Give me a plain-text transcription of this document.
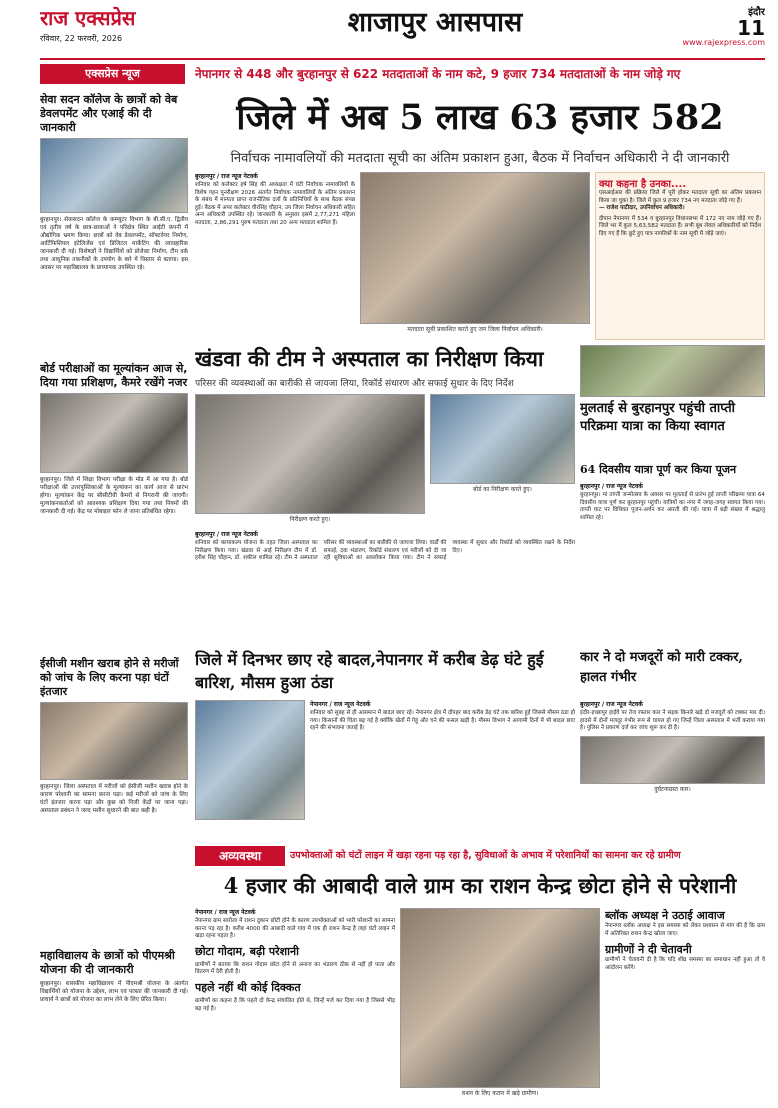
राज एक्सप्रेस
रविवार, 22 फरवरी, 2026
शाजापुर आसपास	इंदौर
11
www.rajexpress.com
एक्सप्रेस न्यूज	नेपानगर से 448 और बुरहानपुर से 622 मतदाताओं के नाम कटे, 9 हजार 734 मतदाताओं के नाम जोड़े गए
सेवा सदन कॉलेज के छात्रों को वेब डेवलपमेंट और एआई की दी जानकारी

बुरहानपुर। सेवासदन कॉलेज के कम्प्यूटर विभाग के बी.सी.ए. द्वितीय एवं तृतीय वर्ष के छात्र-छात्राओं ने परिक्षेत्र स्थित आईटी कंपनी में औद्योगिक भ्रमण किया। छात्रों को वेब डेवलपमेंट, सॉफ्टवेयर निर्माण, आर्टिफिशियल इंटेलिजेंस एवं डिजिटल मार्केटिंग की व्यावहारिक जानकारी दी गई। विशेषज्ञों ने विद्यार्थियों को प्रोजेक्ट निर्माण, टीम वर्क तथा आधुनिक तकनीकों के उपयोग के बारे में विस्तार से बताया। इस अवसर पर महाविद्यालय के प्राध्यापक उपस्थित रहे।

बोर्ड परीक्षाओं का मूल्यांकन आज से, दिया गया प्रशिक्षण, कैमरे रखेंगे नजर

बुरहानपुर। जिले में शिक्षा विभाग परीक्षा के मोड में आ गया है। बोर्ड परीक्षाओं की उत्तरपुस्तिकाओं के मूल्यांकन का कार्य आज से प्रारंभ होगा। मूल्यांकन केंद्र पर सीसीटीवी कैमरों से निगरानी की जाएगी। मूल्यांकनकर्ताओं को आवश्यक प्रशिक्षण दिया गया तथा नियमों की जानकारी दी गई। केंद्र पर मोबाइल फोन ले जाना प्रतिबंधित रहेगा।

ईसीजी मशीन खराब होने से मरीजों को जांच के लिए करना पड़ा घंटों इंतजार

बुरहानपुर। जिला अस्पताल में मरीजों को ईसीजी मशीन खराब होने के कारण परेशानी का सामना करना पड़ा। कई मरीजों को जांच के लिए घंटों इंतजार करना पड़ा और कुछ को निजी केंद्रों पर जाना पड़ा। अस्पताल प्रबंधन ने जल्द मशीन सुधारने की बात कही है।

महाविद्यालय के छात्रों को पीएमश्री योजना की दी जानकारी

बुरहानपुर। शासकीय महाविद्यालय में पीएमश्री योजना के अंतर्गत विद्यार्थियों को योजना के उद्देश्य, लाभ एवं पात्रता की जानकारी दी गई। प्राचार्य ने छात्रों को योजना का लाभ लेने के लिए प्रेरित किया।

जिले में अब 5 लाख 63 हजार 582
निर्वाचक नामावलियों की मतदाता सूची का अंतिम प्रकाशन हुआ, बैठक में निर्वाचन अधिकारी ने दी जानकारी
बुरहानपुर / राज न्यूज नेटवर्क
शनिवार को कलेक्टर हर्ष सिंह की अध्यक्षता में घंटी निर्वाचक नामावलियों के विशेष गहन पुनरीक्षण 2026 अंतर्गत निर्वाचक नामावलियों के अंतिम प्रकाशन के संबंध में मान्यता प्राप्त राजनीतिक दलों के प्रतिनिधियों के साथ बैठक संपन्न हुई। बैठक में अपर कलेक्टर वीरसिंह चौहान, उप जिला निर्वाचन अधिकारी सहित अन्य अधिकारी उपस्थित रहे। जानकारी के अनुसार इसमें 2,77,271 महिला मतदाता, 2,86,291 पुरुष मतदाता तथा 20 अन्य मतदाता शामिल हैं।
मतदाता सूची प्रकाशित करते हुए जन जिला निर्वाचन अधिकारी।
क्या कहना है उनका....
एसआईआर की प्रक्रिया जिले में पूरी होकर मतदाता सूची का अंतिम प्रकाशन किया जा चुका है। जिले में कुल 9 हजार 734 नए मतदाता जोड़े गए हैं।
— राजेश पाटीदार, उपनिर्वाचन अधिकारी।
दीपान नेपानगर में 534 व बुरहानपुर विधानसभा में 172 नए नाम जोड़े गए हैं। जिले भर में कुल 5,63,582 मतदाता हैं। सभी बूथ लेवल अधिकारियों को निर्देश दिए गए हैं कि छूटे हुए पात्र नागरिकों के नाम सूची में जोड़े जाएं।
खंडवा की टीम ने अस्पताल का निरीक्षण किया
परिसर की व्यवस्थाओं का बारीकी से जायजा लिया, रिकॉर्ड संधारण और सफाई सुधार के दिए निर्देश
निरीक्षण करते हुए।
बोर्ड का निरीक्षण करते हुए।
बुरहानपुर / राज न्यूज नेटवर्क
शनिवार को कायाकल्प योजना के तहत जिला अस्पताल का निरीक्षण किया गया। खंडवा से आई निरीक्षण टीम में डॉ. हरीश सिंह चौहान, डॉ. शकील शामिल रहे। टीम ने अस्पताल परिसर की व्यवस्थाओं का बारीकी से जायजा लिया। वार्डों की सफाई, दवा भंडारण, रिकॉर्ड संधारण एवं मरीजों को दी जा रही सुविधाओं का अवलोकन किया गया। टीम ने सफाई व्यवस्था में सुधार और रिकॉर्ड को व्यवस्थित रखने के निर्देश दिए।
मुलताई से बुरहानपुर पहुंची ताप्ती परिक्रमा यात्रा का किया स्वागत
64 दिवसीय यात्रा पूर्ण कर किया पूजन
बुरहानपुर / राज न्यूज नेटवर्क
बुरहानपुर। मां ताप्ती जन्मोत्सव के अवसर पर मुलताई से प्रारंभ हुई ताप्ती परिक्रमा यात्रा 64 दिवसीय यात्रा पूर्ण कर बुरहानपुर पहुंची। यात्रियों का नगर में जगह-जगह स्वागत किया गया। ताप्ती घाट पर विधिवत पूजन-अर्चन कर आरती की गई। यात्रा में बड़ी संख्या में श्रद्धालु शामिल रहे।
जिले में दिनभर छाए रहे बादल,नेपानगर में करीब डेढ़ घंटे हुई बारिश, मौसम हुआ ठंडा
नेपानगर / राज न्यूज नेटवर्क
शनिवार को सुबह से ही आसमान में बादल छाए रहे। नेपानगर क्षेत्र में दोपहर बाद करीब डेढ़ घंटे तक बारिश हुई जिससे मौसम ठंडा हो गया। किसानों की चिंता बढ़ गई है क्योंकि खेतों में गेहूं और चने की फसल खड़ी है। मौसम विभाग ने आगामी दिनों में भी बादल छाए रहने की संभावना जताई है।
कार ने दो मजदूरों को मारी टक्कर, हालत गंभीर
बुरहानपुर / राज न्यूज नेटवर्क
इंदौर-इच्छापुर हाईवे पर तेज रफ्तार कार ने सड़क किनारे खड़े दो मजदूरों को टक्कर मार दी। हादसे में दोनों मजदूर गंभीर रूप से घायल हो गए जिन्हें जिला अस्पताल में भर्ती कराया गया है। पुलिस ने प्रकरण दर्ज कर जांच शुरू कर दी है।
दुर्घटनाग्रस्त कार।
अव्यवस्था	उपभोक्ताओं को घंटों लाइन में खड़ा रहना पड़ रहा है, सुविधाओं के अभाव में परेशानियों का सामना कर रहे ग्रामीण
4 हजार की आबादी वाले ग्राम का राशन केन्द्र छोटा होने से परेशानी
नेपानगर / राज न्यूज नेटवर्क
नेपानगर ग्राम सारोला में राशन दुकान छोटी होने के कारण उपभोक्ताओं को भारी परेशानी का सामना करना पड़ रहा है। करीब 4000 की आबादी वाले गांव में एक ही राशन केन्द्र है जहां घंटों लाइन में खड़ा रहना पड़ता है।
छोटा गोदाम, बढ़ी परेशानी
ग्रामीणों ने बताया कि राशन गोदाम छोटा होने से अनाज का भंडारण ठीक से नहीं हो पाता और वितरण में देरी होती है।
पहले नहीं थी कोई दिक्कत
ग्रामीणों का कहना है कि पहले दो केन्द्र संचालित होते थे, जिन्हें मर्ज कर दिया गया है जिससे भीड़ बढ़ गई है।
राशन के लिए कतार में खड़े ग्रामीण।
ब्लॉक अध्यक्ष ने उठाई आवाज
नेपानगर ब्लॉक अध्यक्ष ने इस समस्या को लेकर प्रशासन से मांग की है कि ग्राम में अतिरिक्त राशन केन्द्र खोला जाए।
ग्रामीणों ने दी चेतावनी
ग्रामीणों ने चेतावनी दी है कि यदि शीघ्र समस्या का समाधान नहीं हुआ तो वे आंदोलन करेंगे।
